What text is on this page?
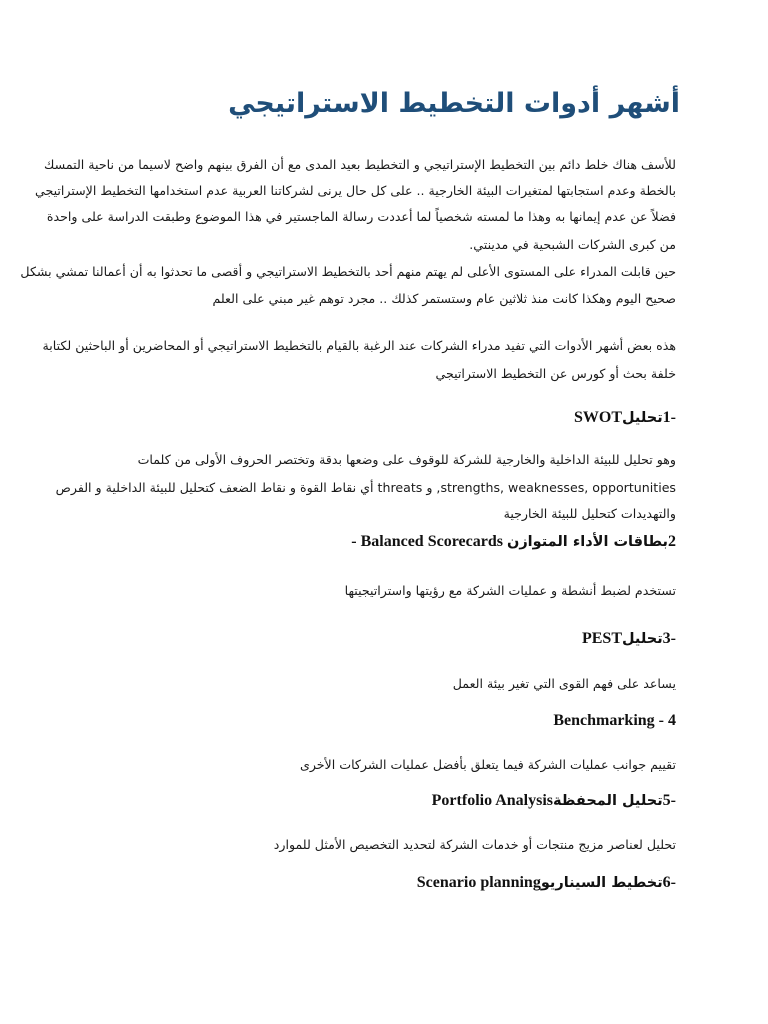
أشهر أدوات التخطيط الاستراتيجي

للأسف هناك خلط دائم بين التخطيط الإستراتيجي و التخطيط بعيد المدى مع أن الفرق بينهم واضح لاسيما من ناحية التمسك

بالخطة وعدم استجابتها لمتغيرات البيئة الخارجية .. على كل حال يرنى لشركاتنا العربية عدم استخدامها التخطيط الإستراتيجي

فضلاً عن عدم إيمانها به وهذا ما لمسته شخصياً لما أعددت رسالة الماجستير في هذا الموضوع وطبقت الدراسة على واحدة

من كبرى الشركات الشبحية في مدينتي.

حين قابلت المدراء على المستوى الأعلى لم يهتم منهم أحد بالتخطيط الاستراتيجي و أقصى ما تحدثوا به أن أعمالنا تمشي بشكل

صحيح اليوم وهكذا كانت منذ ثلاثين عام وستستمر كذلك .. مجرد توهم غير مبني على العلم

هذه بعض أشهر الأدوات التي تفيد مدراء الشركات عند الرغبة بالقيام بالتخطيط الاستراتيجي أو المحاضرين أو الباحثين لكتابة

خلفة بحث أو كورس عن التخطيط الاستراتيجي

-1تحليلSWOT

وهو تحليل للبيئة الداخلية والخارجية للشركة للوقوف على وضعها بدقة وتختصر الحروف الأولى من كلمات

strengths, weaknesses, opportunities, و threats أي نقاط القوة و نقاط الضعف كتحليل للبيئة الداخلية و الفرص

والتهديدات كتحليل للبيئة الخارجية

2بطاقات الأداء المتوازن Balanced Scorecards -

تستخدم لضبط أنشطة و عمليات الشركة مع رؤيتها واستراتيجيتها

-3تحليلPEST

يساعد على فهم القوى التي تغير بيئة العمل

Benchmarking - 4

تقييم جوانب عمليات الشركة فيما يتعلق بأفضل عمليات الشركات الأخرى

-5تحليل المحفظةPortfolio Analysis

تحليل لعناصر مزيج منتجات أو خدمات الشركة لتحديد التخصيص الأمثل للموارد

-6تخطيط السيناريوScenario planning
